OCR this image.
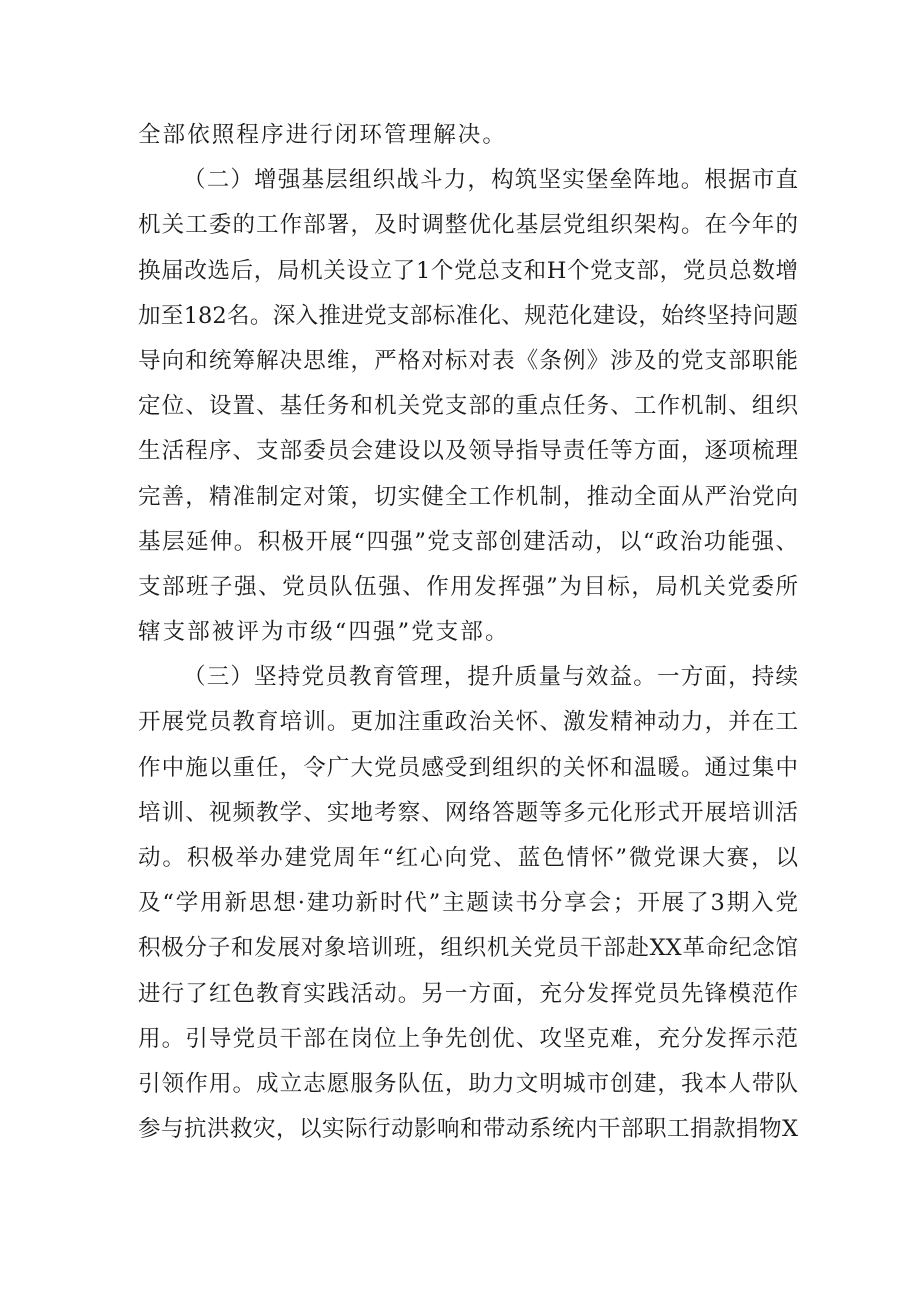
全部依照程序进行闭环管理解决。
（二）增强基层组织战斗力，构筑坚实堡垒阵地。根据市直
机关工委的工作部署，及时调整优化基层党组织架构。在今年的
换届改选后，局机关设立了1个党总支和H个党支部，党员总数增
加至182名。深入推进党支部标准化、规范化建设，始终坚持问题
导向和统筹解决思维，严格对标对表《条例》涉及的党支部职能
定位、设置、基任务和机关党支部的重点任务、工作机制、组织
生活程序、支部委员会建设以及领导指导责任等方面，逐项梳理
完善，精准制定对策，切实健全工作机制，推动全面从严治党向
基层延伸。积极开展“四强”党支部创建活动，以“政治功能强、
支部班子强、党员队伍强、作用发挥强”为目标，局机关党委所
辖支部被评为市级“四强”党支部。
（三）坚持党员教育管理，提升质量与效益。一方面，持续
开展党员教育培训。更加注重政治关怀、激发精神动力，并在工
作中施以重任，令广大党员感受到组织的关怀和温暖。通过集中
培训、视频教学、实地考察、网络答题等多元化形式开展培训活
动。积极举办建党周年“红心向党、蓝色情怀”微党课大赛，以
及“学用新思想·建功新时代”主题读书分享会；开展了3期入党
积极分子和发展对象培训班，组织机关党员干部赴XX革命纪念馆
进行了红色教育实践活动。另一方面，充分发挥党员先锋模范作
用。引导党员干部在岗位上争先创优、攻坚克难，充分发挥示范
引领作用。成立志愿服务队伍，助力文明城市创建，我本人带队
参与抗洪救灾，以实际行动影响和带动系统内干部职工捐款捐物X
